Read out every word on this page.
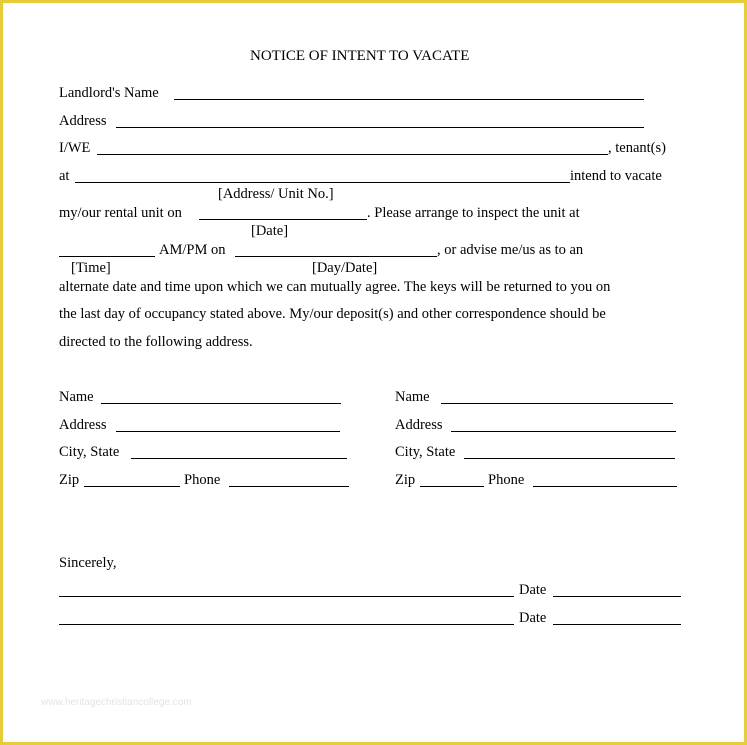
NOTICE OF INTENT TO VACATE
Landlord's Name
Address
I/WE	, tenant(s)
at	intend to vacate
[Address/ Unit No.]
my/our rental unit on	. Please arrange to inspect the unit at
[Date]
AM/PM on	, or advise me/us as to an
[Time]	[Day/Date]
alternate date and time upon which we can mutually agree. The keys will be returned to you on
the last day of occupancy stated above. My/our deposit(s) and other correspondence should be
directed to the following address.
Name
Address
City, State
Zip	Phone
Name
Address
City, State
Zip	Phone
Sincerely,
Date
Date
www.heritagechristiancollege.com
